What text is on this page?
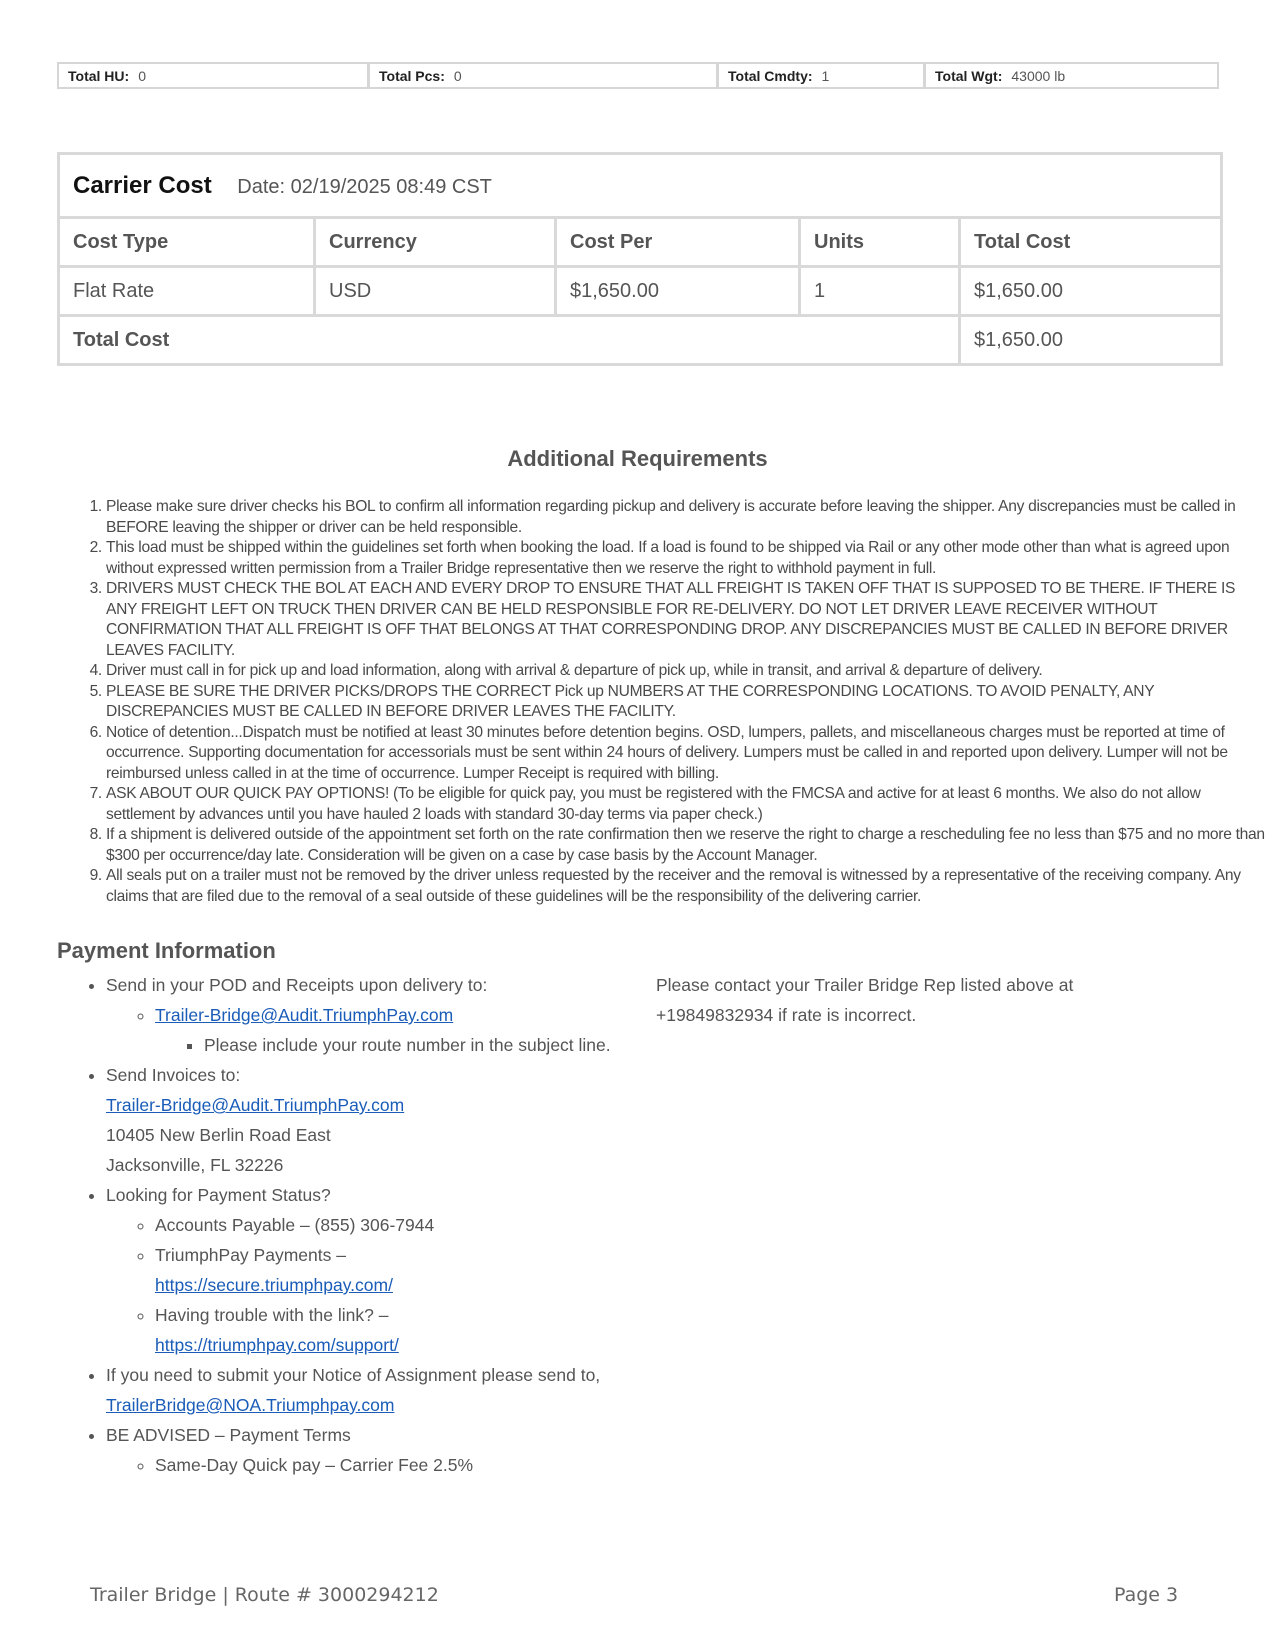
Total HU: 0	Total Pcs: 0	Total Cmdty: 1	Total Wgt: 43000 lb
Carrier Cost Date: 02/19/2025 08:49 CST				
Cost Type	Currency	Cost Per	Units	Total Cost
Flat Rate	USD	$1,650.00	1	$1,650.00
Total Cost				$1,650.00
Additional Requirements
1. Please make sure driver checks his BOL to confirm all information regarding pickup and delivery is accurate before leaving the shipper. Any discrepancies must be called in BEFORE leaving the shipper or driver can be held responsible.
2. This load must be shipped within the guidelines set forth when booking the load. If a load is found to be shipped via Rail or any other mode other than what is agreed upon without expressed written permission from a Trailer Bridge representative then we reserve the right to withhold payment in full.
3. DRIVERS MUST CHECK THE BOL AT EACH AND EVERY DROP TO ENSURE THAT ALL FREIGHT IS TAKEN OFF THAT IS SUPPOSED TO BE THERE. IF THERE IS ANY FREIGHT LEFT ON TRUCK THEN DRIVER CAN BE HELD RESPONSIBLE FOR RE-DELIVERY. DO NOT LET DRIVER LEAVE RECEIVER WITHOUT CONFIRMATION THAT ALL FREIGHT IS OFF THAT BELONGS AT THAT CORRESPONDING DROP. ANY DISCREPANCIES MUST BE CALLED IN BEFORE DRIVER LEAVES FACILITY.
4. Driver must call in for pick up and load information, along with arrival & departure of pick up, while in transit, and arrival & departure of delivery.
5. PLEASE BE SURE THE DRIVER PICKS/DROPS THE CORRECT Pick up NUMBERS AT THE CORRESPONDING LOCATIONS. TO AVOID PENALTY, ANY DISCREPANCIES MUST BE CALLED IN BEFORE DRIVER LEAVES THE FACILITY.
6. Notice of detention...Dispatch must be notified at least 30 minutes before detention begins. OSD, lumpers, pallets, and miscellaneous charges must be reported at time of occurrence. Supporting documentation for accessorials must be sent within 24 hours of delivery. Lumpers must be called in and reported upon delivery. Lumper will not be reimbursed unless called in at the time of occurrence. Lumper Receipt is required with billing.
7. ASK ABOUT OUR QUICK PAY OPTIONS! (To be eligible for quick pay, you must be registered with the FMCSA and active for at least 6 months. We also do not allow settlement by advances until you have hauled 2 loads with standard 30-day terms via paper check.)
8. If a shipment is delivered outside of the appointment set forth on the rate confirmation then we reserve the right to charge a rescheduling fee no less than $75 and no more than $300 per occurrence/day late. Consideration will be given on a case by case basis by the Account Manager.
9. All seals put on a trailer must not be removed by the driver unless requested by the receiver and the removal is witnessed by a representative of the receiving company. Any claims that are filed due to the removal of a seal outside of these guidelines will be the responsibility of the delivering carrier.
Payment Information
• Send in your POD and Receipts upon delivery to:
◦ Trailer-Bridge@Audit.TriumphPay.com
▪ Please include your route number in the subject line.
• Send Invoices to:
Trailer-Bridge@Audit.TriumphPay.com
10405 New Berlin Road East
Jacksonville, FL 32226
• Looking for Payment Status?
◦ Accounts Payable – (855) 306-7944
◦ TriumphPay Payments –
https://secure.triumphpay.com/
◦ Having trouble with the link? –
https://triumphpay.com/support/
• If you need to submit your Notice of Assignment please send to, TrailerBridge@NOA.Triumphpay.com
• BE ADVISED – Payment Terms
◦ Same-Day Quick pay – Carrier Fee 2.5%
Please contact your Trailer Bridge Rep listed above at +19849832934 if rate is incorrect.
Trailer Bridge | Route # 3000294212	Page 3
